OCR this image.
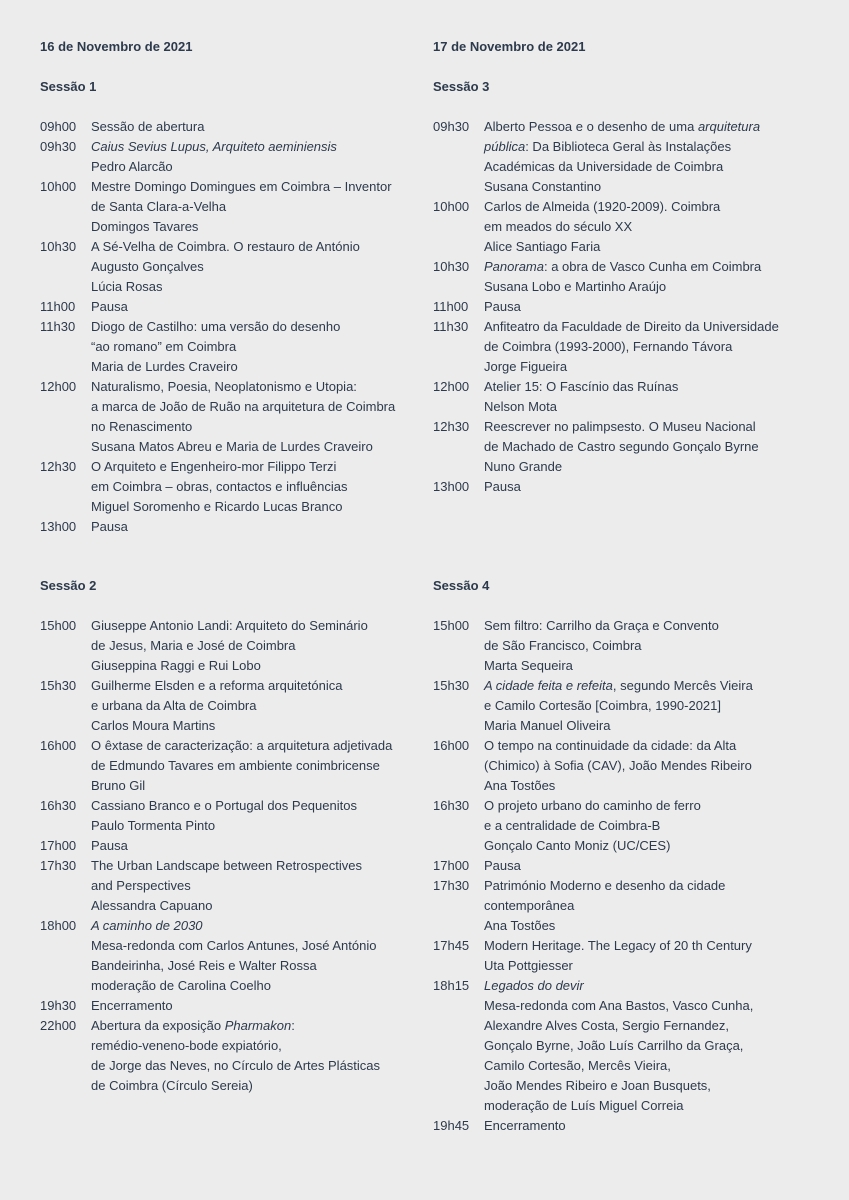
16 de Novembro de 2021
Sessão 1
09h00 Sessão de abertura
09h30 Caius Sevius Lupus, Arquiteto aeminiensis
Pedro Alarcão
10h00 Mestre Domingo Domingues em Coimbra – Inventor
de Santa Clara-a-Velha
Domingos Tavares
10h30 A Sé-Velha de Coimbra. O restauro de António
Augusto Gonçalves
Lúcia Rosas
11h00 Pausa
11h30 Diogo de Castilho: uma versão do desenho
“ao romano” em Coimbra
Maria de Lurdes Craveiro
12h00 Naturalismo, Poesia, Neoplatonismo e Utopia:
a marca de João de Ruão na arquitetura de Coimbra
no Renascimento
Susana Matos Abreu e Maria de Lurdes Craveiro
12h30 O Arquiteto e Engenheiro-mor Filippo Terzi
em Coimbra – obras, contactos e influências
Miguel Soromenho e Ricardo Lucas Branco
13h00 Pausa
Sessão 2
15h00 Giuseppe Antonio Landi: Arquiteto do Seminário
de Jesus, Maria e José de Coimbra
Giuseppina Raggi e Rui Lobo
15h30 Guilherme Elsden e a reforma arquitetónica
e urbana da Alta de Coimbra
Carlos Moura Martins
16h00 O êxtase de caracterização: a arquitetura adjetivada
de Edmundo Tavares em ambiente conimbricense
Bruno Gil
16h30 Cassiano Branco e o Portugal dos Pequenitos
Paulo Tormenta Pinto
17h00 Pausa
17h30 The Urban Landscape between Retrospectives
and Perspectives
Alessandra Capuano
18h00 A caminho de 2030
Mesa-redonda com Carlos Antunes, José António
Bandeirinha, José Reis e Walter Rossa
moderação de Carolina Coelho
19h30 Encerramento
22h00 Abertura da exposição Pharmakon:
remédio-veneno-bode expiatório,
de Jorge das Neves, no Círculo de Artes Plásticas
de Coimbra (Círculo Sereia)
17 de Novembro de 2021
Sessão 3
09h30 Alberto Pessoa e o desenho de uma arquitetura
pública: Da Biblioteca Geral às Instalações
Académicas da Universidade de Coimbra
Susana Constantino
10h00 Carlos de Almeida (1920-2009). Coimbra
em meados do século XX
Alice Santiago Faria
10h30 Panorama: a obra de Vasco Cunha em Coimbra
Susana Lobo e Martinho Araújo
11h00 Pausa
11h30 Anfiteatro da Faculdade de Direito da Universidade
de Coimbra (1993-2000), Fernando Távora
Jorge Figueira
12h00 Atelier 15: O Fascínio das Ruínas
Nelson Mota
12h30 Reescrever no palimpsesto. O Museu Nacional
de Machado de Castro segundo Gonçalo Byrne
Nuno Grande
13h00 Pausa
Sessão 4
15h00 Sem filtro: Carrilho da Graça e Convento
de São Francisco, Coimbra
Marta Sequeira
15h30 A cidade feita e refeita, segundo Mercês Vieira
e Camilo Cortesão [Coimbra, 1990-2021]
Maria Manuel Oliveira
16h00 O tempo na continuidade da cidade: da Alta
(Chimico) à Sofia (CAV), João Mendes Ribeiro
Ana Tostões
16h30 O projeto urbano do caminho de ferro
e a centralidade de Coimbra-B
Gonçalo Canto Moniz (UC/CES)
17h00 Pausa
17h30 Património Moderno e desenho da cidade
contemporânea
Ana Tostões
17h45 Modern Heritage. The Legacy of 20 th Century
Uta Pottgiesser
18h15 Legados do devir
Mesa-redonda com Ana Bastos, Vasco Cunha,
Alexandre Alves Costa, Sergio Fernandez,
Gonçalo Byrne, João Luís Carrilho da Graça,
Camilo Cortesão, Mercês Vieira,
João Mendes Ribeiro e Joan Busquets,
moderação de Luís Miguel Correia
19h45 Encerramento
